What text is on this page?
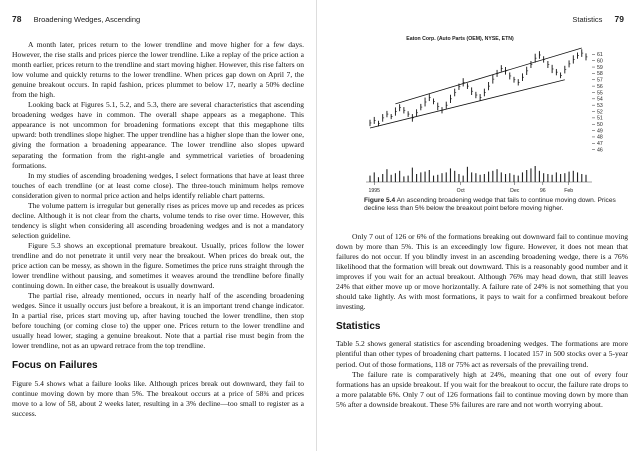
78 Broadening Wedges, Ascending

A month later, prices return to the lower trendline and move higher for a few days. However, the rise stalls and prices pierce the lower trendline. Like a replay of the price action a month earlier, prices return to the trendline and start moving higher. However, this rise falters on low volume and quickly returns to the lower trendline. When prices gap down on April 7, the genuine breakout occurs. In rapid fashion, prices plummet to below 17, nearly a 50% decline from the high.

Looking back at Figures 5.1, 5.2, and 5.3, there are several characteristics that ascending broadening wedges have in common. The overall shape appears as a megaphone. This appearance is not uncommon for broadening formations except that this megaphone tilts upward: both trendlines slope higher. The upper trendline has a higher slope than the lower one, giving the formation a broadening appearance. The lower trendline also slopes upward separating the formation from the right-angle and symmetrical varieties of broadening formations.

In my studies of ascending broadening wedges, I select formations that have at least three touches of each trendline (or at least come close). The three-touch minimum helps remove consideration given to normal price action and helps identify reliable chart patterns.

The volume pattern is irregular but generally rises as prices move up and recedes as prices decline. Although it is not clear from the charts, volume tends to rise over time. However, this tendency is slight when considering all ascending broadening wedges and is not a mandatory selection guideline.

Figure 5.3 shows an exceptional premature breakout. Usually, prices follow the lower trendline and do not penetrate it until very near the breakout. When prices do break out, the price action can be messy, as shown in the figure. Sometimes the price runs straight through the lower trendline without pausing, and sometimes it weaves around the trendline before finally continuing down. In either case, the breakout is usually downward.

The partial rise, already mentioned, occurs in nearly half of the ascending broadening wedges. Since it usually occurs just before a breakout, it is an important trend change indicator. In a partial rise, prices start moving up, after having touched the lower trendline, then stop before touching (or coming close to) the upper one. Prices return to the lower trendline and usually head lower, staging a genuine breakout. Note that a partial rise must begin from the lower trendline, not as an upward retrace from the top trendline.

Focus on Failures

Figure 5.4 shows what a failure looks like. Although prices break out downward, they fail to continue moving down by more than 5%. The breakout occurs at a price of 58¾ and prices move to a low of 58, about 2 weeks later, resulting in a 3% decline—too small to register as a success.

Statistics 79
Eaton Corp. (Auto Parts (OEM), NYSE, ETN)
61
60
59
58
57
56
55
54
53
52
51
50
49
48
47
46
1995	Oct	Dec	96	Feb
Figure 5.4 An ascending broadening wedge that fails to continue moving down. Prices decline less than 5% below the breakout point before moving higher.

Only 7 out of 126 or 6% of the formations breaking out downward fail to continue moving down by more than 5%. This is an exceedingly low figure. However, it does not mean that failures do not occur. If you blindly invest in an ascending broadening wedge, there is a 76% likelihood that the formation will break out downward. This is a reasonably good number and it improves if you wait for an actual breakout. Although 76% may head down, that still leaves 24% that either move up or move horizontally. A failure rate of 24% is not something that you should take lightly. As with most formations, it pays to wait for a confirmed breakout before investing.

Statistics

Table 5.2 shows general statistics for ascending broadening wedges. The formations are more plentiful than other types of broadening chart patterns. I located 157 in 500 stocks over a 5-year period. Out of those formations, 118 or 75% act as reversals of the prevailing trend.

The failure rate is comparatively high at 24%, meaning that one out of every four formations has an upside breakout. If you wait for the breakout to occur, the failure rate drops to a more palatable 6%. Only 7 out of 126 formations fail to continue moving down by more than 5% after a downside breakout. These 5% failures are rare and not worth worrying about.
